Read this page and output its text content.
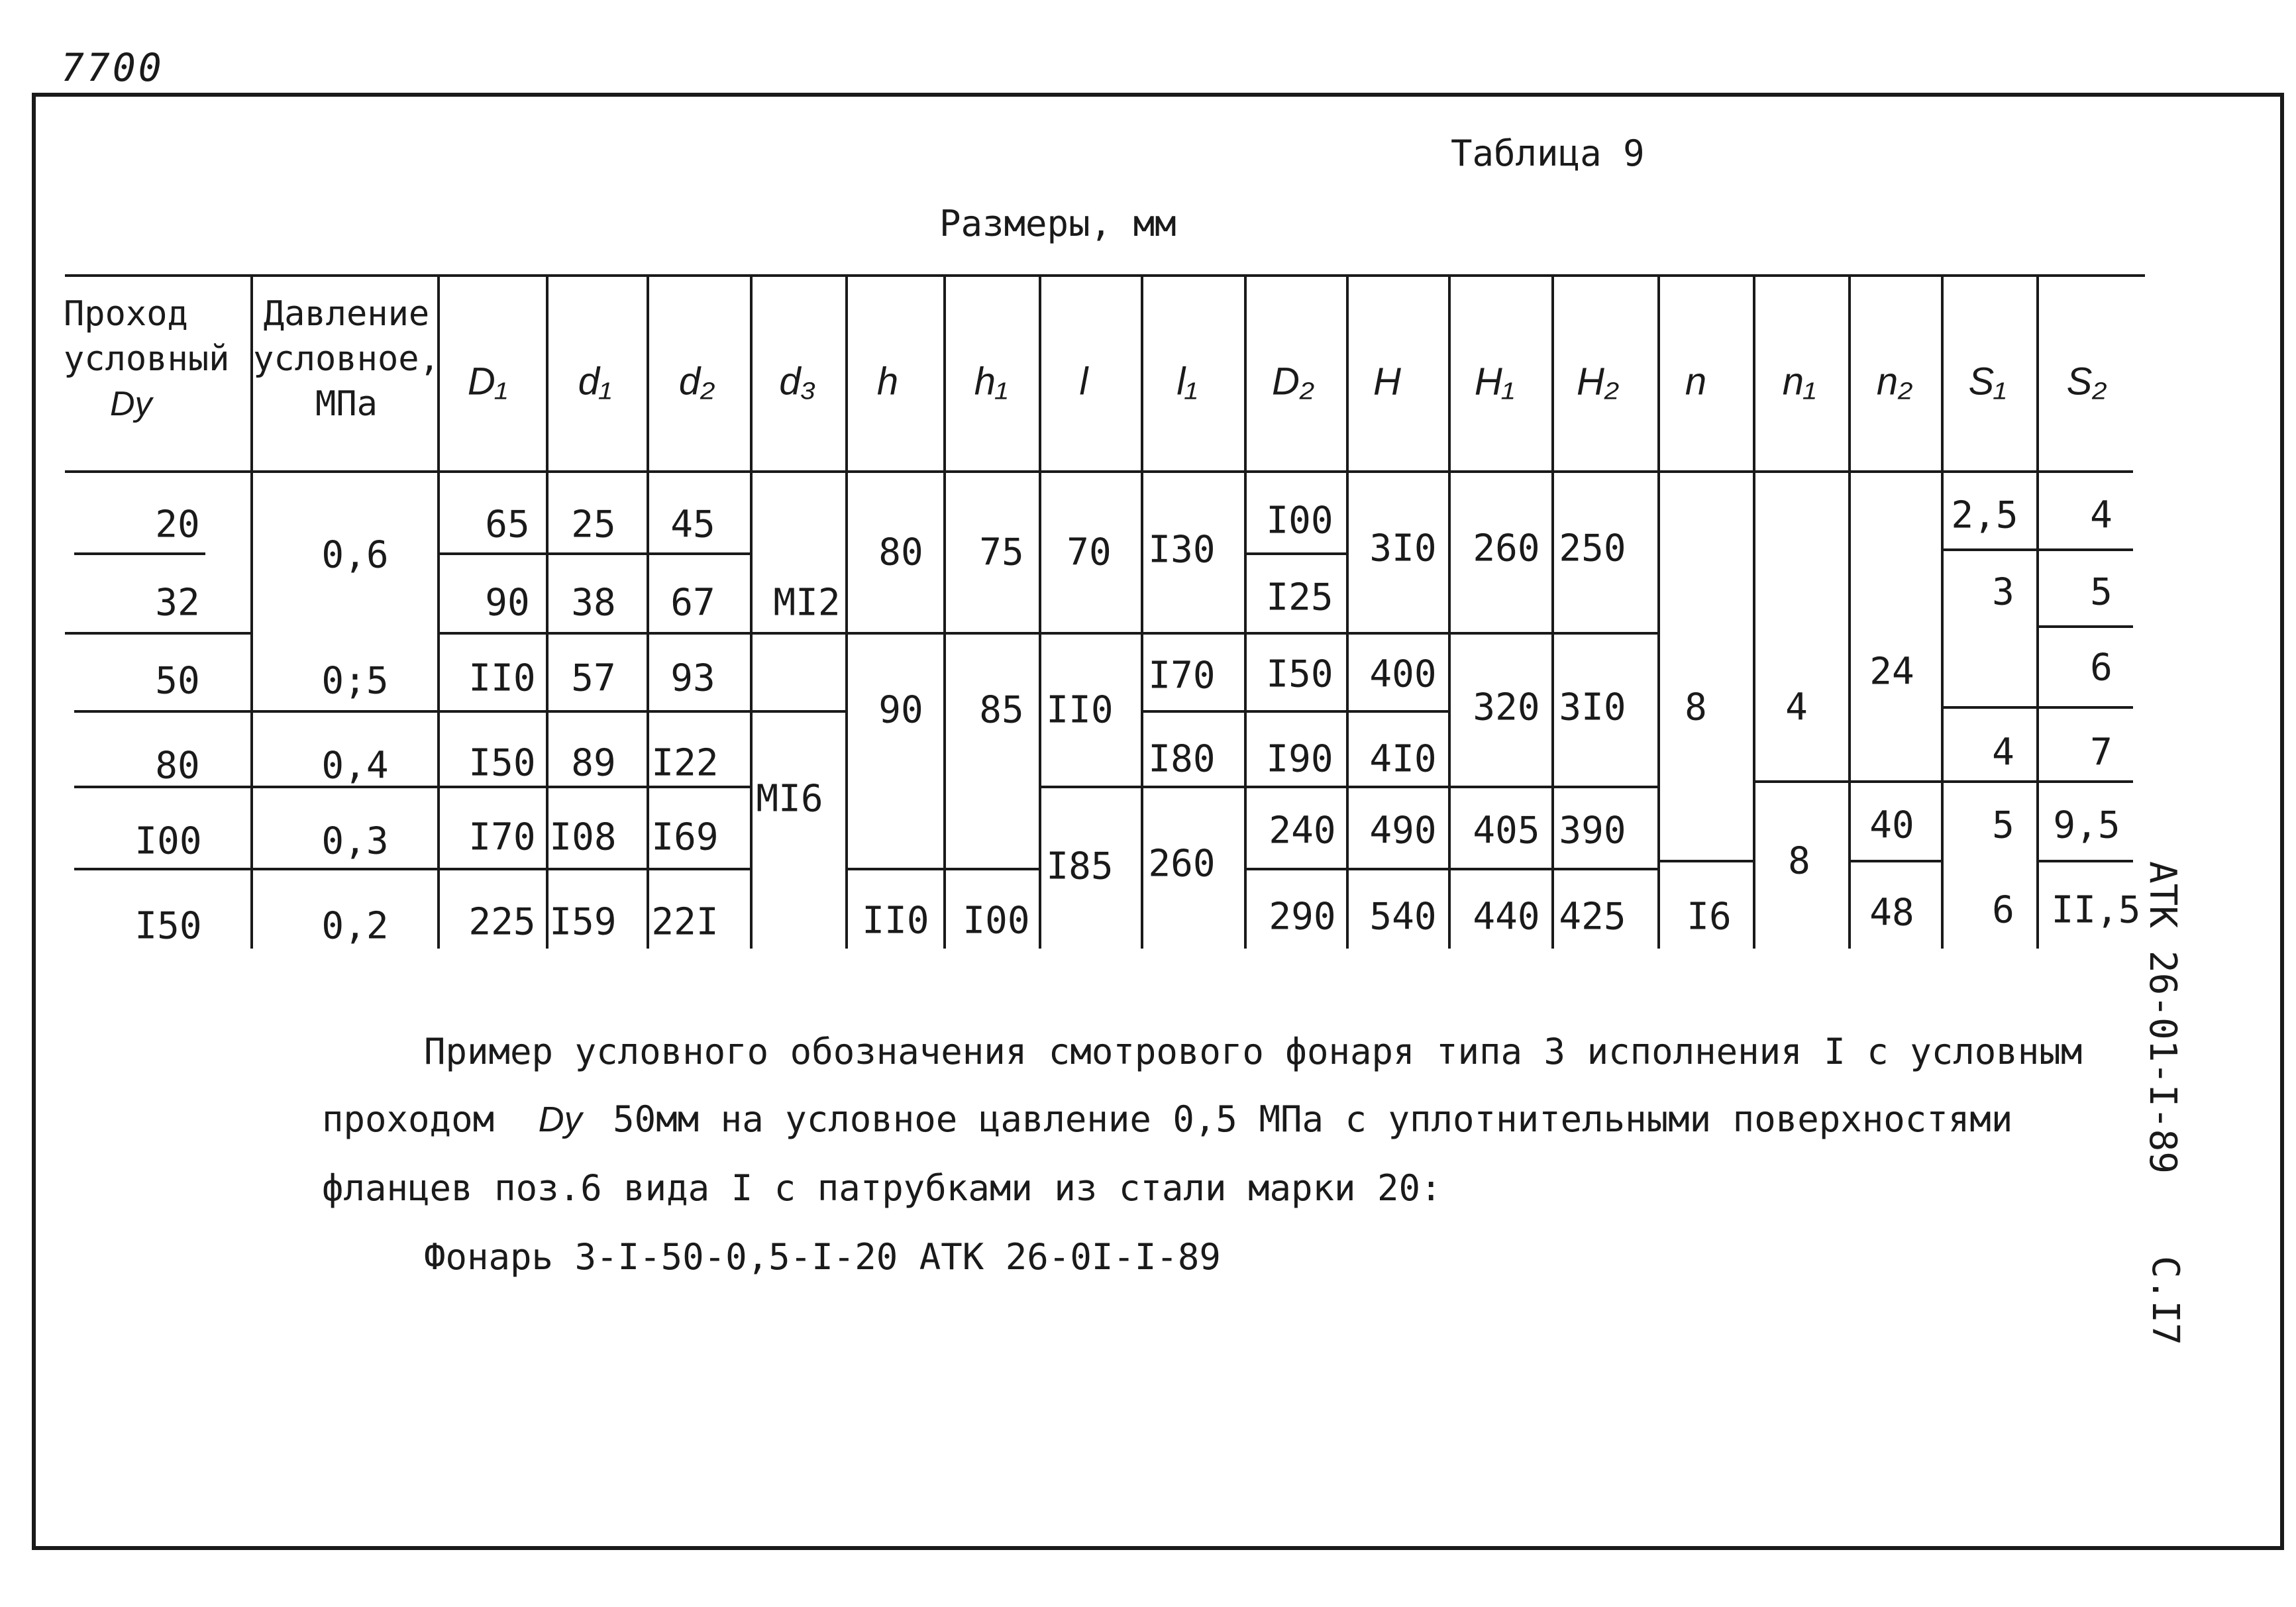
7700
Таблица 9
Размеры, мм
Проход
условный
Dу
Давление
условное,
МПа
D₁ d₁ d₂ d₃ h h₁ l l₁ D₂ H H₁ H₂ n n₁ n₂ S₁ S₂
20
32
50
80
I00
I50
0,6
0;5
0,4
0,3
0,2
65
90
II0
I50
I70
225
25
38
57
89
I08
I59
45
67
93
I22
I69
22I
МI2
МI6
80
90
II0
75
85
I00
70
II0
I85
I30
I70
I80
260
I00
I25
I50
I90
240
290
3I0
400
4I0
490
540
260
320
405
440
250
3I0
390
425
8
I6
4
8
24
40
48
2,5
3
4
5
6
4
5
6
7
9,5
II,5
Пример условного обозначения смотрового фонаря типа 3 исполнения I с условным
проходом Dу 50мм на условное цавление 0,5 МПа с уплотнительными поверхностями
фланцев поз.6 вида I с патрубками из стали марки 20:
Фонарь 3-I-50-0,5-I-20 АТК 26-0I-I-89
АТК 26-01-I-89
С.I7
